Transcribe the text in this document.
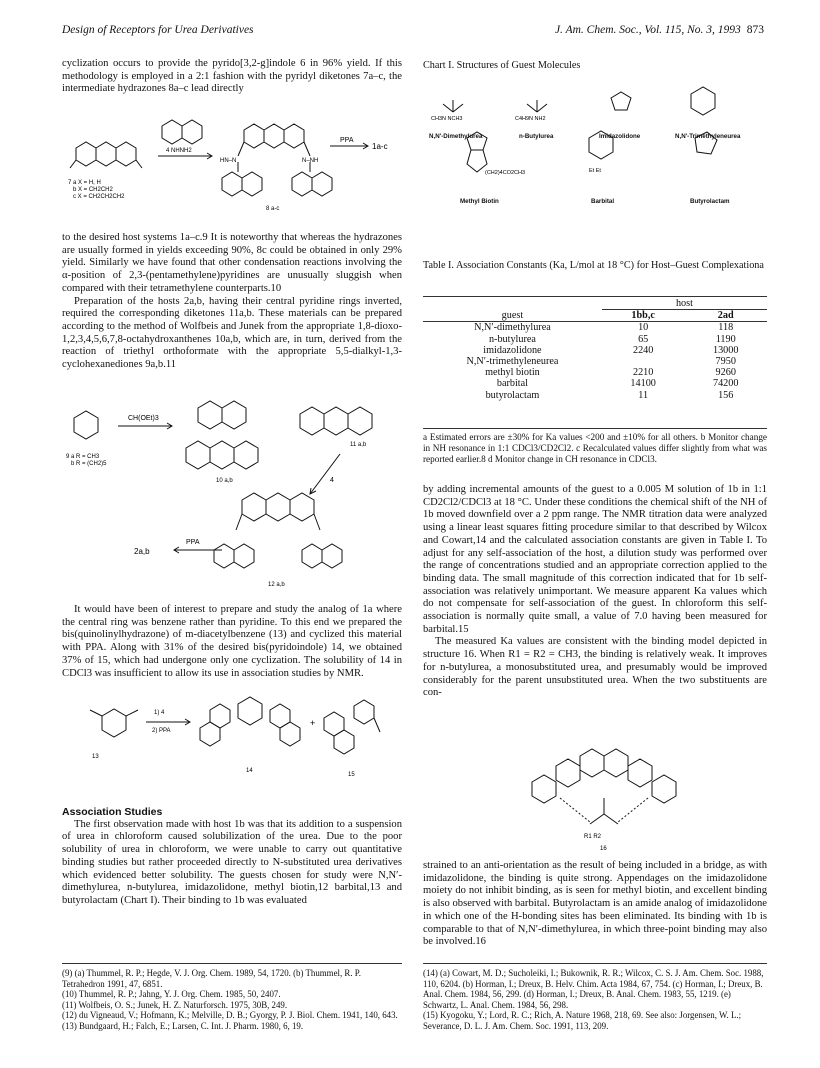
Design of Receptors for Urea Derivatives	J. Am. Chem. Soc., Vol. 115, No. 3, 1993 873

cyclization occurs to provide the pyrido[3,2-g]indole 6 in 96% yield. If this methodology is employed in a 2:1 fashion with the pyridyl diketones 7a–c, the intermediate hydrazones 8a–c lead directly

4 NHNH2
PPA
1a-c
HN–N	N–NH
7 a X = H, H
b X = CH2CH2
c X = CH2CH2CH2
8 a-c

to the desired host systems 1a–c.9 It is noteworthy that whereas the hydrazones are usually formed in yields exceeding 90%, 8c could be obtained in only 29% yield. Similarly we have found that other condensation reactions involving the α-position of 2,3-(pentamethylene)pyridines are unusually sluggish when compared with their tetramethylene counterparts.10

Preparation of the hosts 2a,b, having their central pyridine rings inverted, required the corresponding diketones 11a,b. These materials can be prepared according to the method of Wolfbeis and Junek from the appropriate 1,8-dioxo-1,2,3,4,5,6,7,8-octahydroxanthenes 10a,b, which are, in turn, derived from the reaction of triethyl orthoformate with the appropriate 5,5-dialkyl-1,3-cyclohexanediones 9a,b.11

CH(OEt)3
9 a R = CH3
b R = (CH2)5
10 a,b
11 a,b
4
PPA
2a,b
12 a,b

It would have been of interest to prepare and study the analog of 1a where the central ring was benzene rather than pyridine. To this end we prepared the bis(quinolinylhydrazone) of m-diacetylbenzene (13) and cyclized this material with PPA. Along with 31% of the desired bis(pyridoindole) 14, we obtained 37% of 15, which had undergone only one cyclization. The solubility of 14 in CDCl3 was insufficient to allow its use in association studies by NMR.

1) 4
2) PPA
13
14
+
15

Association Studies

The first observation made with host 1b was that its addition to a suspension of urea in chloroform caused solubilization of the urea. Due to the poor solubility of urea in chloroform, we were unable to carry out quantitative binding studies but rather proceeded directly to N-substituted urea derivatives which evidenced better solubility. The guests chosen for study were N,N′-dimethylurea, n-butylurea, imidazolidone, methyl biotin,12 barbital,13 and butyrolactam (Chart I). Their binding to 1b was evaluated

(9) (a) Thummel, R. P.; Hegde, V. J. Org. Chem. 1989, 54, 1720. (b) Thummel, R. P. Tetrahedron 1991, 47, 6851.

(10) Thummel, R. P.; Jahng, Y. J. Org. Chem. 1985, 50, 2407.

(11) Wolfbeis, O. S.; Junek, H. Z. Naturforsch. 1975, 30B, 249.

(12) du Vigneaud, V.; Hofmann, K.; Melville, D. B.; Gyorgy, P. J. Biol. Chem. 1941, 140, 643.

(13) Bundgaard, H.; Falch, E.; Larsen, C. Int. J. Pharm. 1980, 6, 19.

Chart I. Structures of Guest Molecules
CH3N NCH3	C4H9N NH2
(CH2)4CO2CH3	Et Et
N,N′-Dimethylurea	n-Butylurea	Imidazolidone	N,N′-Trimethyleneurea
Methyl Biotin	Barbital	Butyrolactam
Table I. Association Constants (Ka, L/mol at 18 °C) for Host–Guest Complexationa
	host	
guest	1bb,c	2ad
N,N′-dimethylurea	10	118
n-butylurea	65	1190
imidazolidone	2240	13000
N,N′-trimethyleneurea		7950
methyl biotin	2210	9260
barbital	14100	74200
butyrolactam	11	156
a Estimated errors are ±30% for Ka values <200 and ±10% for all others. b Monitor change in NH resonance in 1:1 CDCl3/CD2Cl2. c Recalculated values differ slightly from what was reported earlier.8 d Monitor change in CH resonance in CDCl3.

by adding incremental amounts of the guest to a 0.005 M solution of 1b in 1:1 CD2Cl2/CDCl3 at 18 °C. Under these conditions the chemical shift of the NH of 1b moved downfield over a 2 ppm range. The NMR titration data were analyzed using a linear least squares fitting procedure similar to that described by Wilcox and Cowart,14 and the calculated association constants are given in Table I. To adjust for any self-association of the host, a dilution study was performed over the range of concentrations studied and an appropriate correction applied to the binding data. The small magnitude of this correction indicated that for 1b self-association was relatively unimportant. We measure apparent Ka values which do not compensate for self-association of the guest. In chloroform this self-association is normally quite small, a value of 7.0 having been measured for barbital.15

The measured Ka values are consistent with the binding model depicted in structure 16. When R1 = R2 = CH3, the binding is relatively weak. It improves for n-butylurea, a monosubstituted urea, and presumably would be improved considerably for the parent unsubstituted urea. When the two substituents are con-

R1 R2
16

strained to an anti-orientation as the result of being included in a bridge, as with imidazolidone, the binding is quite strong. Appendages on the imidazolidone moiety do not inhibit binding, as is seen for methyl biotin, and excellent binding is also observed with barbital. Butyrolactam is an amide analog of imidazolidone in which one of the H-bonding sites has been eliminated. Its binding with 1b is comparable to that of N,N′-dimethylurea, in which three-point binding may also be involved.16

(14) (a) Cowart, M. D.; Sucholeiki, I.; Bukownik, R. R.; Wilcox, C. S. J. Am. Chem. Soc. 1988, 110, 6204. (b) Horman, I.; Dreux, B. Helv. Chim. Acta 1984, 67, 754. (c) Horman, I.; Dreux, B. Anal. Chem. 1984, 56, 299. (d) Horman, I.; Dreux, B. Anal. Chem. 1983, 55, 1219. (e) Schwartz, L. Anal. Chem. 1984, 56, 298.

(15) Kyogoku, Y.; Lord, R. C.; Rich, A. Nature 1968, 218, 69. See also: Jorgensen, W. L.; Severance, D. L. J. Am. Chem. Soc. 1991, 113, 209.
